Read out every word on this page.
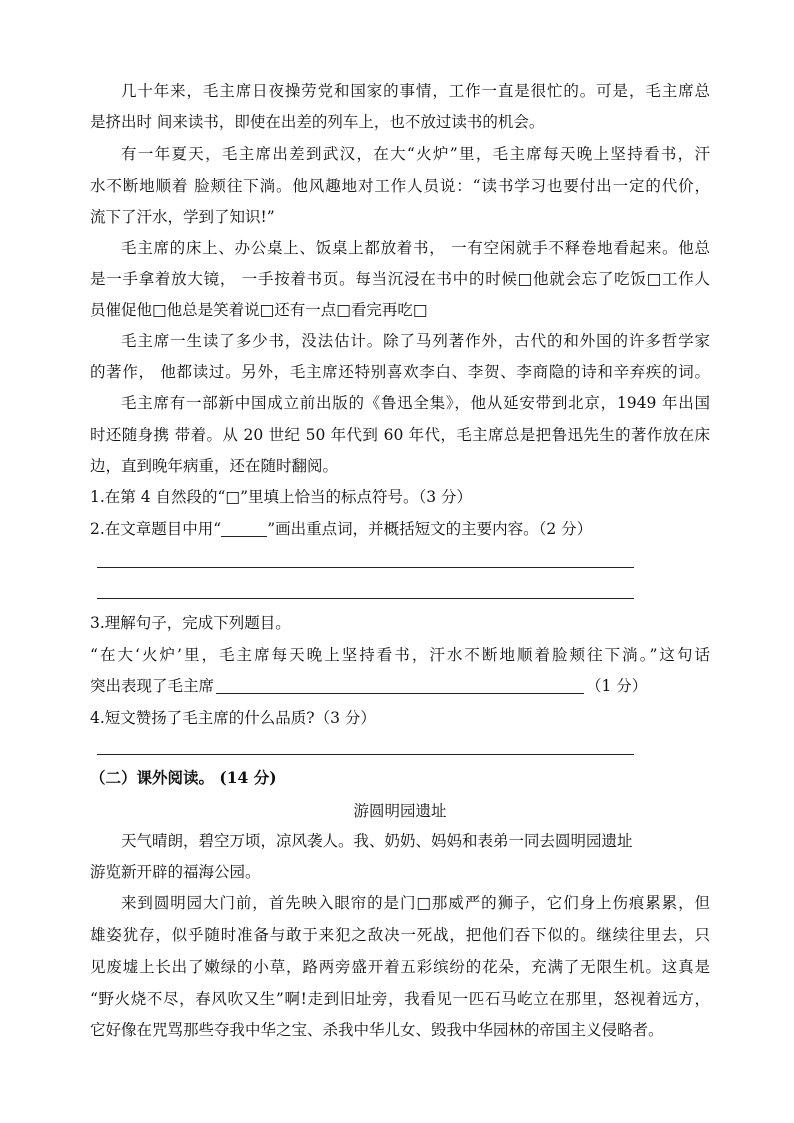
几十年来，毛主席日夜操劳党和国家的事情，工作一直是很忙的。可是，毛主席总
是挤出时 间来读书，即使在出差的列车上，也不放过读书的机会。
有一年夏天，毛主席出差到武汉，在大“火炉”里，毛主席每天晚上坚持看书，汗
水不断地顺着 脸颊往下淌。他风趣地对工作人员说：“读书学习也要付出一定的代价，
流下了汗水，学到了知识!”
毛主席的床上、办公桌上、饭桌上都放着书， 一有空闲就手不释卷地看起来。他总
是一手拿着放大镜， 一手按着书页。每当沉浸在书中的时候□他就会忘了吃饭□工作人
员催促他□他总是笑着说□还有一点□看完再吃□
毛主席一生读了多少书，没法估计。除了马列著作外，古代的和外国的许多哲学家
的著作， 他都读过。另外，毛主席还特别喜欢李白、李贺、李商隐的诗和辛弃疾的词。
毛主席有一部新中国成立前出版的《鲁迅全集》，他从延安带到北京，1949 年出国
时还随身携 带着。从 20 世纪 50 年代到 60 年代，毛主席总是把鲁迅先生的著作放在床
边，直到晚年病重，还在随时翻阅。
1.在第 4 自然段的“□”里填上恰当的标点符号。（3 分）
2.在文章题目中用“	”画出重点词，并概括短文的主要内容。（2 分）
3.理解句子，完成下列题目。
“在大‘火炉’里，毛主席每天晚上坚持看书，汗水不断地顺着脸颊往下淌。”这句话
突出表现了毛主席	（1 分）
4.短文赞扬了毛主席的什么品质?（3 分）
（二）课外阅读。 (14 分)
游圆明园遗址
天气晴朗，碧空万顷，凉风袭人。我、奶奶、妈妈和表弟一同去圆明园遗址
游览新开辟的福海公园。
来到圆明园大门前，首先映入眼帘的是门□那威严的狮子，它们身上伤痕累累，但
雄姿犹存，似乎随时准备与敢于来犯之敌决一死战，把他们吞下似的。继续往里去，只
见废墟上长出了嫩绿的小草，路两旁盛开着五彩缤纷的花朵，充满了无限生机。这真是
“野火烧不尽，春风吹又生”啊!走到旧址旁，我看见一匹石马屹立在那里，怒视着远方，
它好像在咒骂那些夺我中华之宝、杀我中华儿女、毁我中华园林的帝国主义侵略者。
